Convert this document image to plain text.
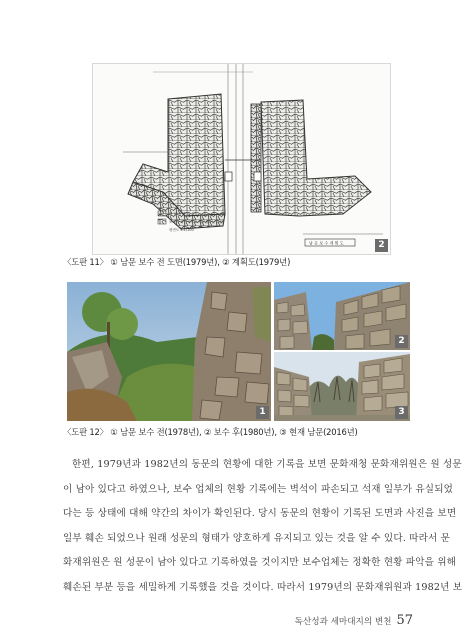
자 연 석 축 부 분
보수시 자연석으로 재구성하는 부분
평면도 S:1/100
남 문 보 수 계 획 도	2
〈도판 11〉 ① 남문 보수 전 도면(1979년), ② 계획도(1979년)
1
2
3
〈도판 12〉 ① 남문 보수 전(1978년), ② 보수 후(1980년), ③ 현재 남문(2016년)

한편, 1979년과 1982년의 동문의 현황에 대한 기록을 보면 문화재청 문화재위원은 원 성문

이 남아 있다고 하였으나, 보수 업체의 현황 기록에는 벽석이 파손되고 석재 일부가 유실되었

다는 등 상태에 대해 약간의 차이가 확인된다. 당시 동문의 현황이 기록된 도면과 사진을 보면

일부 훼손 되었으나 원래 성문의 형태가 양호하게 유지되고 있는 것을 알 수 있다. 따라서 문

화재위원은 원 성문이 남아 있다고 기록하였을 것이지만 보수업체는 정확한 현황 파악을 위해

훼손된 부분 등을 세밀하게 기록했을 것을 것이다. 따라서 1979년의 문화재위원과 1982년 보

독산성과 세마대지의 변천 57
